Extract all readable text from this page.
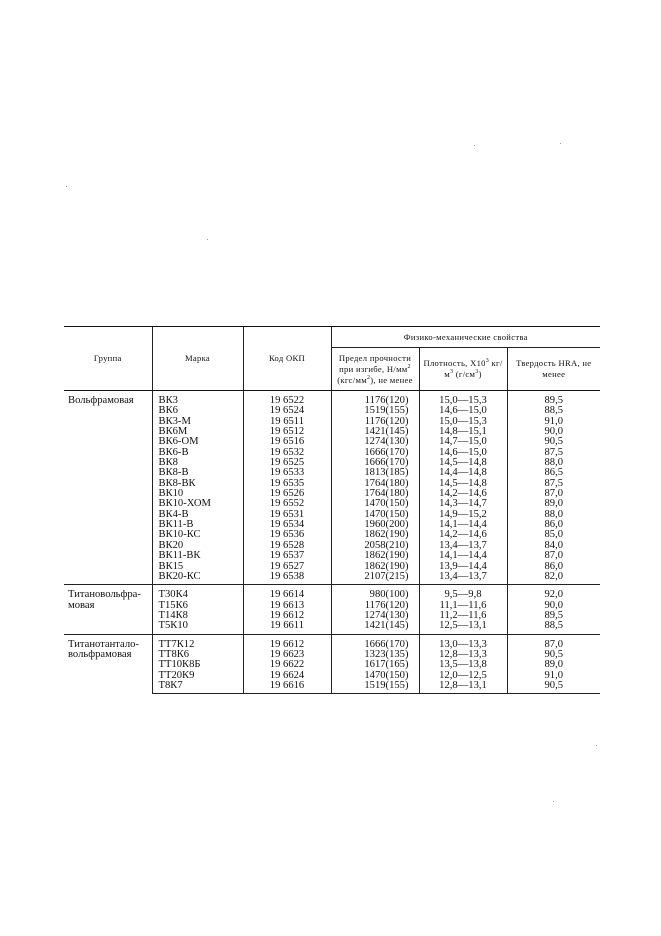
Группа	Марка	Код ОКП	Физико-механические свойства		
			Предел прочности при изгибе, $Н/мм^2$ $(кгс/мм^2)$, не менее	Плотность, $X10^3$ $кг/м^3$ $(г/см^3)$	Твердость HRA, не менее
Вольфрамовая	ВК3	19 6522	1176(120)	15,0—15,3	89,5
	ВК6	19 6524	1519(155)	14,6—15,0	88,5
	ВК3-М	19 6511	1176(120)	15,0—15,3	91,0
	ВК6М	19 6512	1421(145)	14,8—15,1	90,0
	ВК6-ОМ	19 6516	1274(130)	14,7—15,0	90,5
	ВК6-В	19 6532	1666(170)	14,6—15,0	87,5
	ВК8	19 6525	1666(170)	14,5—14,8	88,0
	ВК8-В	19 6533	1813(185)	14,4—14,8	86,5
	ВК8-ВК	19 6535	1764(180)	14,5—14,8	87,5
	ВК10	19 6526	1764(180)	14,2—14,6	87,0
	ВК10-ХОМ	19 6552	1470(150)	14,3—14,7	89,0
	ВК4-В	19 6531	1470(150)	14,9—15,2	88,0
	ВК11-В	19 6534	1960(200)	14,1—14,4	86,0
	ВК10-КС	19 6536	1862(190)	14,2—14,6	85,0
	ВК20	19 6528	2058(210)	13,4—13,7	84,0
	ВК11-ВК	19 6537	1862(190)	14,1—14,4	87,0
	ВК15	19 6527	1862(190)	13,9—14,4	86,0
	ВК20-КС	19 6538	2107(215)	13,4—13,7	82,0
Титановольфра-мовая	Т30К4	19 6614	980(100)	9,5—9,8	92,0
	Т15К6	19 6613	1176(120)	11,1—11,6	90,0
	Т14К8	19 6612	1274(130)	11,2—11,6	89,5
	Т5К10	19 6611	1421(145)	12,5—13,1	88,5
Титанотантало-вольфрамовая	ТТ7К12	19 6612	1666(170)	13,0—13,3	87,0
	ТТ8К6	19 6623	1323(135)	12,8—13,3	90,5
	ТТ10К8Б	19 6622	1617(165)	13,5—13,8	89,0
	ТТ20К9	19 6624	1470(150)	12,0—12,5	91,0
	Т8К7	19 6616	1519(155)	12,8—13,1	90,5
